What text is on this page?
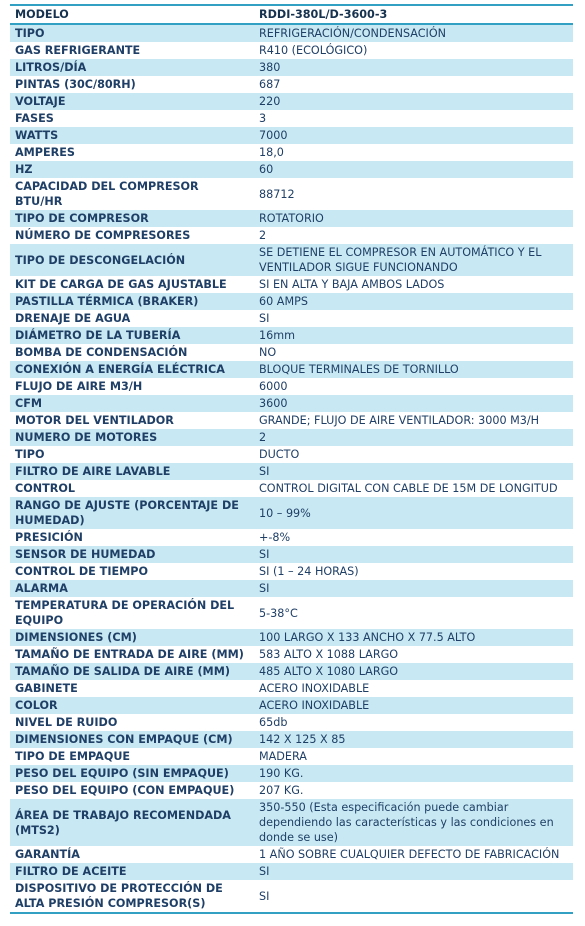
MODELO	RDDI-380L/D-3600-3
TIPO	REFRIGERACIÓN/CONDENSACIÓN
GAS REFRIGERANTE	R410 (ECOLÓGICO)
LITROS/DÍA	380
PINTAS (30C/80RH)	687
VOLTAJE	220
FASES	3
WATTS	7000
AMPERES	18,0
HZ	60
CAPACIDAD DEL COMPRESOR BTU/HR	88712
TIPO DE COMPRESOR	ROTATORIO
NÚMERO DE COMPRESORES	2
TIPO DE DESCONGELACIÓN	SE DETIENE EL COMPRESOR EN AUTOMÁTICO Y EL VENTILADOR SIGUE FUNCIONANDO
KIT DE CARGA DE GAS AJUSTABLE	SI EN ALTA Y BAJA AMBOS LADOS
PASTILLA TÉRMICA (BRAKER)	60 AMPS
DRENAJE DE AGUA	SI
DIÁMETRO DE LA TUBERÍA	16mm
BOMBA DE CONDENSACIÓN	NO
CONEXIÓN A ENERGÍA ELÉCTRICA	BLOQUE TERMINALES DE TORNILLO
FLUJO DE AIRE M3/H	6000
CFM	3600
MOTOR DEL VENTILADOR	GRANDE; FLUJO DE AIRE VENTILADOR: 3000 M3/H
NUMERO DE MOTORES	2
TIPO	DUCTO
FILTRO DE AIRE LAVABLE	SI
CONTROL	CONTROL DIGITAL CON CABLE DE 15M DE LONGITUD
RANGO DE AJUSTE (PORCENTAJE DE HUMEDAD)	10 – 99%
PRESICIÓN	+-8%
SENSOR DE HUMEDAD	SI
CONTROL DE TIEMPO	SI (1 – 24 HORAS)
ALARMA	SI
TEMPERATURA DE OPERACIÓN DEL EQUIPO	5-38°C
DIMENSIONES (CM)	100 LARGO X 133 ANCHO X 77.5 ALTO
TAMAÑO DE ENTRADA DE AIRE (MM)	583 ALTO X 1088 LARGO
TAMAÑO DE SALIDA DE AIRE (MM)	485 ALTO X 1080 LARGO
GABINETE	ACERO INOXIDABLE
COLOR	ACERO INOXIDABLE
NIVEL DE RUIDO	65db
DIMENSIONES CON EMPAQUE (CM)	142 X 125 X 85
TIPO DE EMPAQUE	MADERA
PESO DEL EQUIPO (SIN EMPAQUE)	190 KG.
PESO DEL EQUIPO (CON EMPAQUE)	207 KG.
ÁREA DE TRABAJO RECOMENDADA (MTS2)	350-550 (Esta especificación puede cambiar dependiendo las características y las condiciones en donde se use)
GARANTÍA	1 AÑO SOBRE CUALQUIER DEFECTO DE FABRICACIÓN
FILTRO DE ACEITE	SI
DISPOSITIVO DE PROTECCIÓN DE ALTA PRESIÓN COMPRESOR(S)	SI
